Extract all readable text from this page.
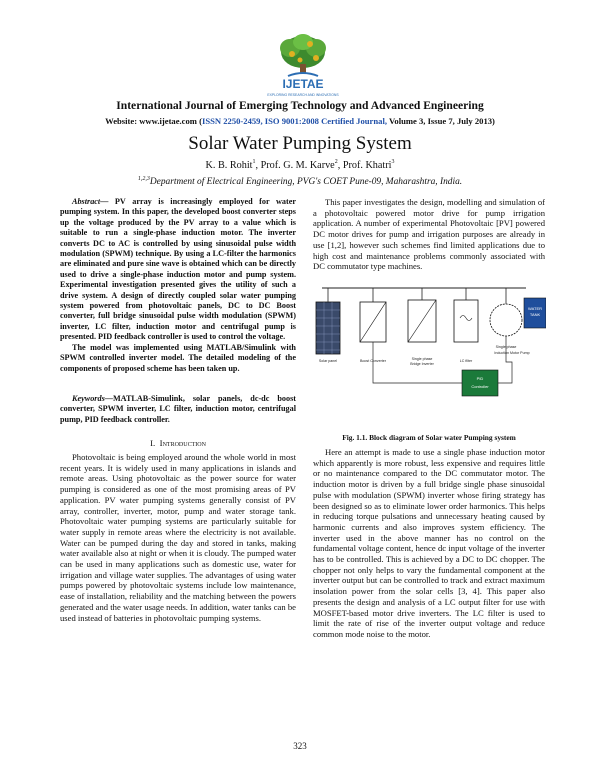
IJETAE
EXPLORING RESEARCH AND INNOVATIONS
International Journal of Emerging Technology and Advanced Engineering
Website: www.ijetae.com (ISSN 2250-2459, ISO 9001:2008 Certified Journal, Volume 3, Issue 7, July 2013)
Solar Water Pumping System
K. B. Rohit$^1$, Prof. G. M. Karve$^2$, Prof. Khatri$^3$
$^{1,2,3}$Department of Electrical Engineering, PVG's COET Pune-09, Maharashtra, India.

Abstract— PV array is increasingly employed for water pumping system. In this paper, the developed boost converter steps up the voltage produced by the PV array to a value which is suitable to run a single-phase induction motor. The inverter converts DC to AC is controlled by using sinusoidal pulse width modulation (SPWM) technique. By using a LC-filter the harmonics are eliminated and pure sine wave is obtained which can be directly used to drive a single-phase induction motor and pump system. Experimental investigation presented gives the utility of such a drive system. A design of directly coupled solar water pumping system powered from photovoltaic panels, DC to DC Boost converter, full bridge sinusoidal pulse width modulation (SPWM) inverter, LC filter, induction motor and centrifugal pump is presented. PID feedback controller is used to control the voltage.

The model was implemented using MATLAB/Simulink with SPWM controlled inverter model. The detailed modeling of the components of proposed scheme has been taken up.

Keywords—MATLAB-Simulink, solar panels, dc-dc boost converter, SPWM inverter, LC filter, induction motor, centrifugal pump, PID feedback controller.

I. Introduction

Photovoltaic is being employed around the whole world in most recent years. It is widely used in many applications in islands and remote areas. Using photovoltaic as the power source for water pumping is considered as one of the most promising areas of PV application. PV water pumping systems generally consist of PV array, controller, inverter, motor, pump and water storage tank. Photovoltaic water pumping systems are particularly suitable for water supply in remote areas where the electricity is not available. Water can be pumped during the day and stored in tanks, making water available also at night or when it is cloudy. The pumped water can be used in many applications such as domestic use, water for irrigation and village water supplies. The advantages of using water pumps powered by photovoltaic systems include low maintenance, ease of installation, reliability and the matching between the powers generated and the water usage needs. In addition, water tanks can be used instead of batteries in photovoltaic pumping systems.

This paper investigates the design, modelling and simulation of a photovoltaic powered motor drive for pump irrigation application. A number of experimental Photovoltaic [PV] powered DC motor drives for pump and irrigation purposes are already in use [1,2], however such schemes find limited applications due to high cost and maintenance problems commonly associated with DC commutator type machines.

WATER
TANK
PID
Controller
Solar panel	Boost Converter	Single phase
Bridge Inverter
LC filter
Single phase
Induction Motor Pump
Fig. 1.1. Block diagram of Solar water Pumping system

Here an attempt is made to use a single phase induction motor which apparently is more robust, less expensive and requires little or no maintenance compared to the DC commutator motor. The induction motor is driven by a full bridge single phase sinusoidal pulse with modulation (SPWM) inverter whose firing strategy has been designed so as to eliminate lower order harmonics. This helps in reducing torque pulsations and unnecessary heating caused by harmonic currents and also improves system efficiency. The inverter used in the above manner has no control on the fundamental voltage content, hence dc input voltage of the inverter has to be controlled. This is achieved by a DC to DC chopper. The chopper not only helps to vary the fundamental component at the inverter output but can be controlled to track and extract maximum insolation power from the solar cells [3, 4]. This paper also presents the design and analysis of a LC output filter for use with MOSFET-based motor drive inverters. The LC filter is used to limit the rate of rise of the inverter output voltage and reduce common mode noise to the motor.

323
